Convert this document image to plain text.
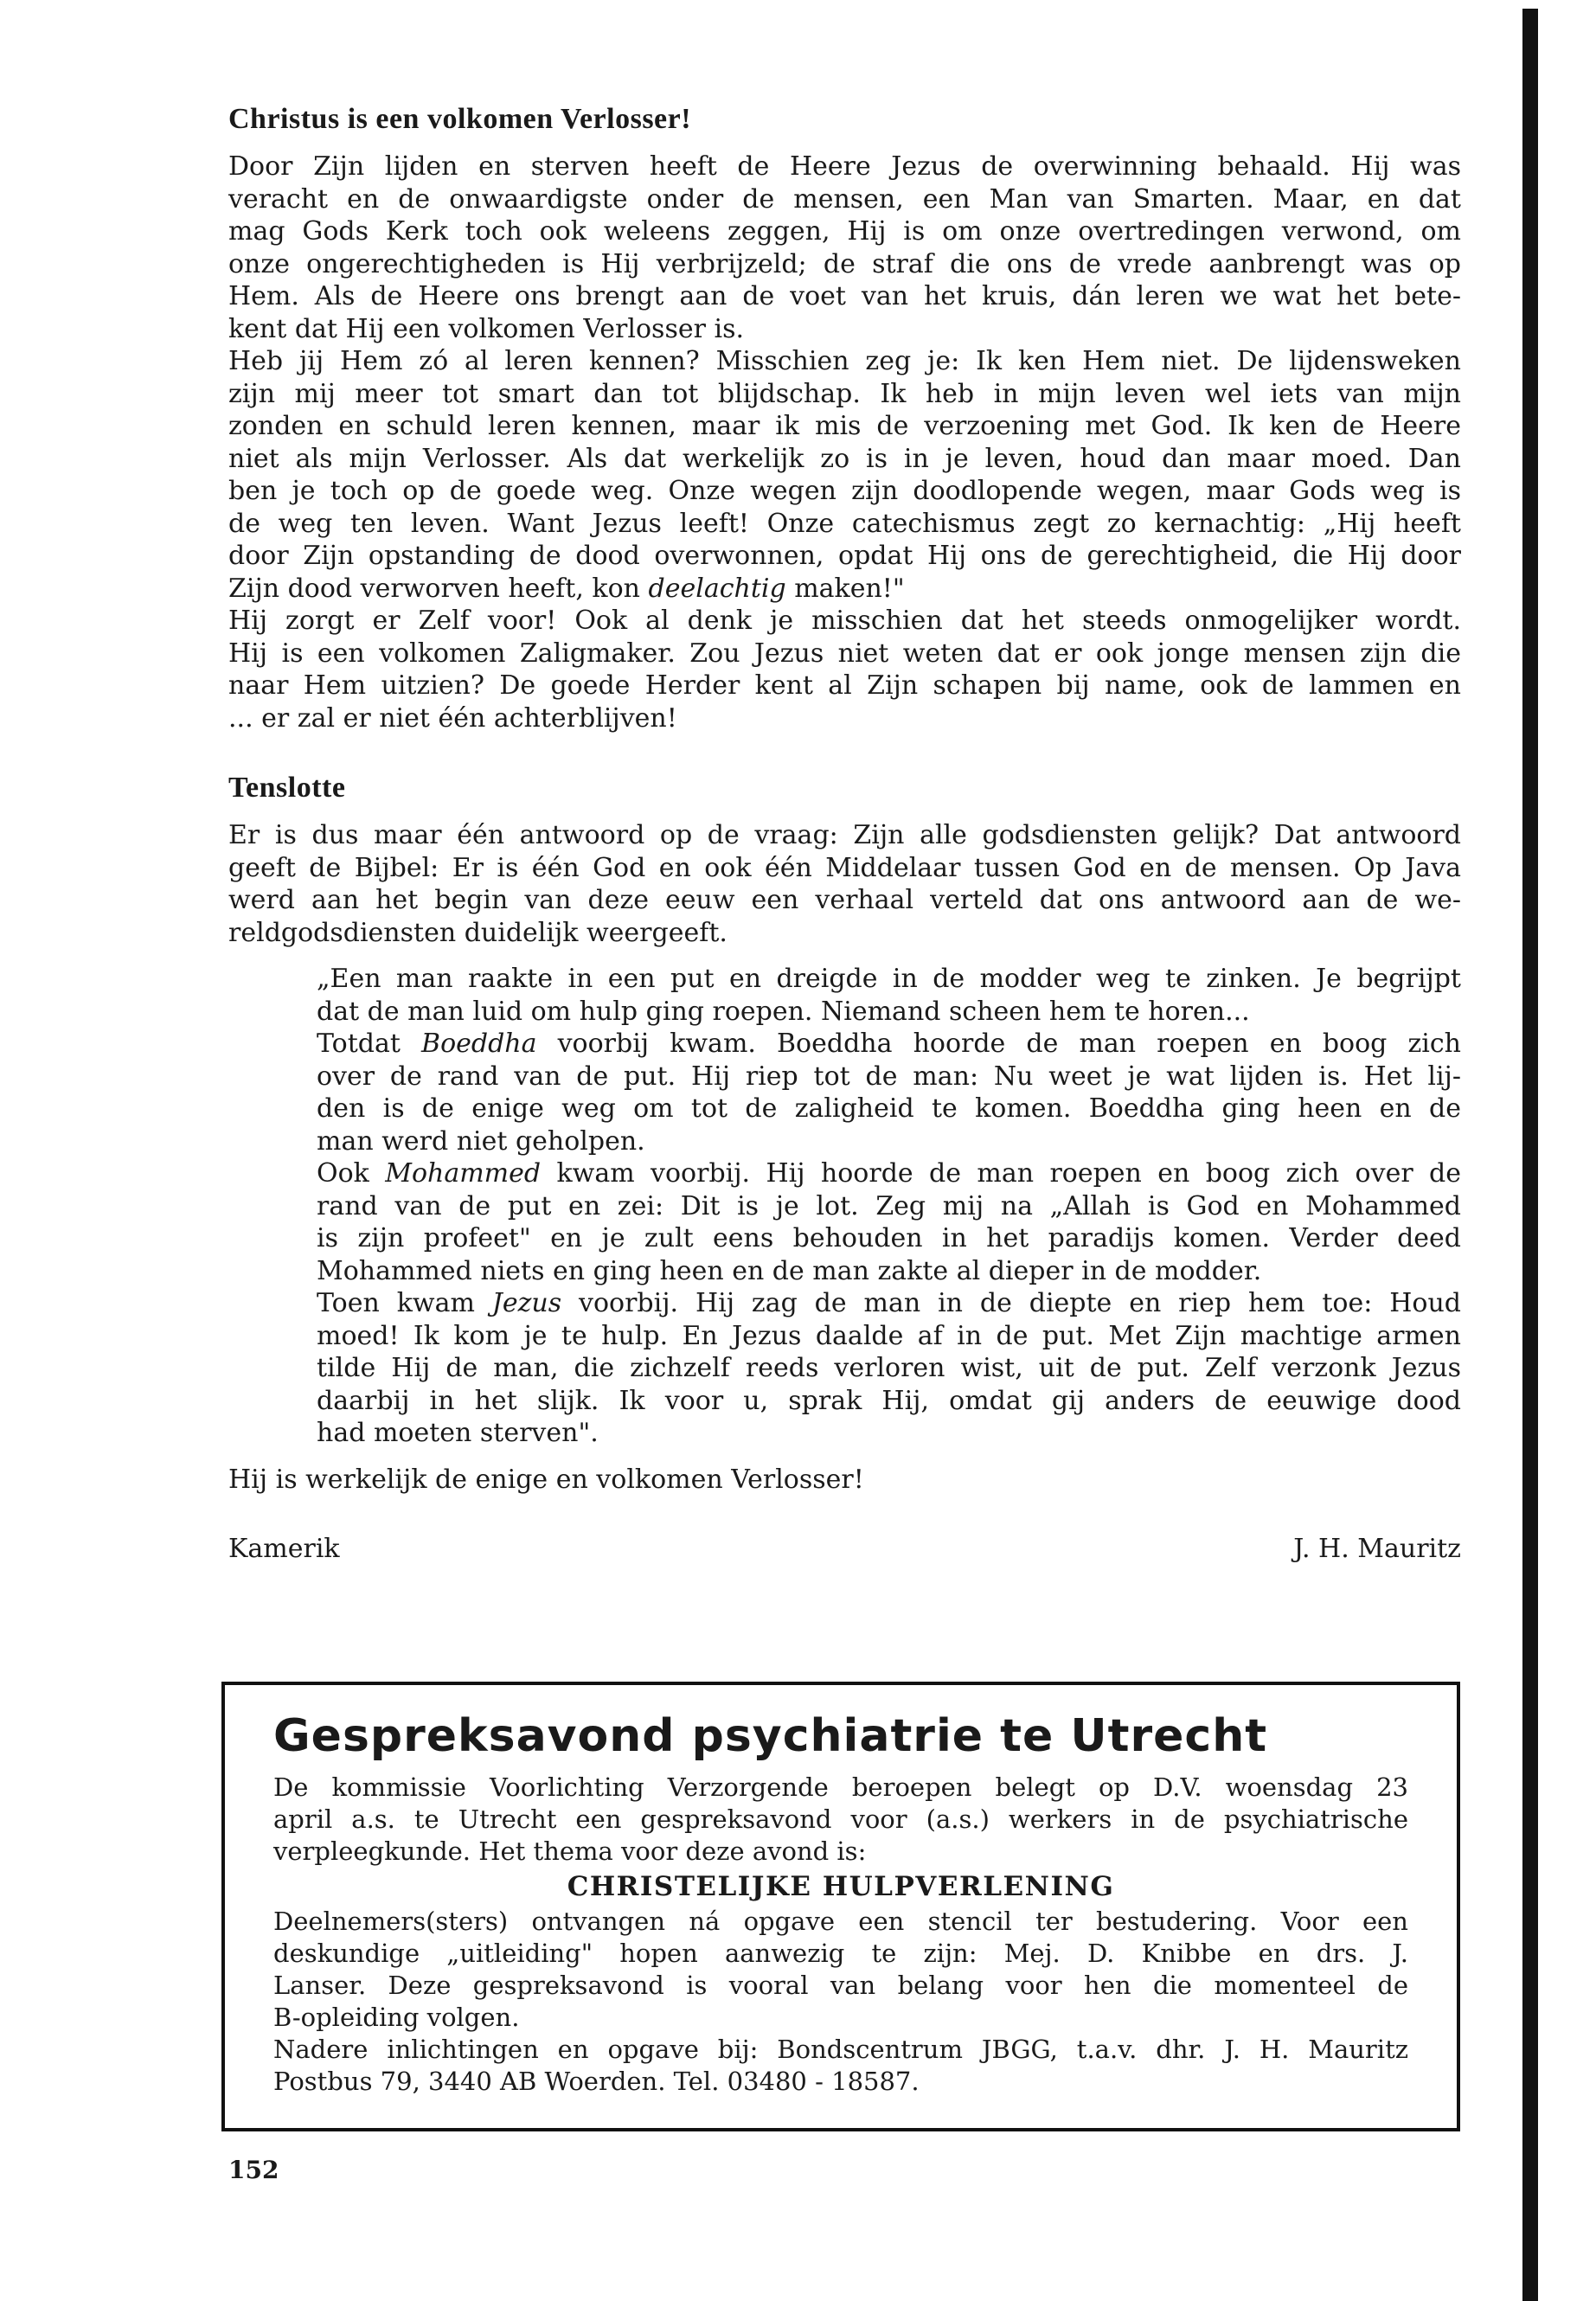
Christus is een volkomen Verlosser!

Door Zijn lijden en sterven heeft de Heere Jezus de overwinning behaald. Hij was
veracht en de onwaardigste onder de mensen, een Man van Smarten. Maar, en dat
mag Gods Kerk toch ook weleens zeggen, Hij is om onze overtredingen verwond, om
onze ongerechtigheden is Hij verbrijzeld; de straf die ons de vrede aanbrengt was op
Hem. Als de Heere ons brengt aan de voet van het kruis, dán leren we wat het bete-
kent dat Hij een volkomen Verlosser is.

Heb jij Hem zó al leren kennen? Misschien zeg je: Ik ken Hem niet. De lijdensweken
zijn mij meer tot smart dan tot blijdschap. Ik heb in mijn leven wel iets van mijn
zonden en schuld leren kennen, maar ik mis de verzoening met God. Ik ken de Heere
niet als mijn Verlosser. Als dat werkelijk zo is in je leven, houd dan maar moed. Dan
ben je toch op de goede weg. Onze wegen zijn doodlopende wegen, maar Gods weg is
de weg ten leven. Want Jezus leeft! Onze catechismus zegt zo kernachtig: „Hij heeft
door Zijn opstanding de dood overwonnen, opdat Hij ons de gerechtigheid, die Hij door
Zijn dood verworven heeft, kon deelachtig maken!"

Hij zorgt er Zelf voor! Ook al denk je misschien dat het steeds onmogelijker wordt.
Hij is een volkomen Zaligmaker. Zou Jezus niet weten dat er ook jonge mensen zijn die
naar Hem uitzien? De goede Herder kent al Zijn schapen bij name, ook de lammen en
... er zal er niet één achterblijven!

Tenslotte

Er is dus maar één antwoord op de vraag: Zijn alle godsdiensten gelijk? Dat antwoord
geeft de Bijbel: Er is één God en ook één Middelaar tussen God en de mensen. Op Java
werd aan het begin van deze eeuw een verhaal verteld dat ons antwoord aan de we-
reldgodsdiensten duidelijk weergeeft.

„Een man raakte in een put en dreigde in de modder weg te zinken. Je begrijpt
dat de man luid om hulp ging roepen. Niemand scheen hem te horen...

Totdat Boeddha voorbij kwam. Boeddha hoorde de man roepen en boog zich
over de rand van de put. Hij riep tot de man: Nu weet je wat lijden is. Het lij-
den is de enige weg om tot de zaligheid te komen. Boeddha ging heen en de
man werd niet geholpen.

Ook Mohammed kwam voorbij. Hij hoorde de man roepen en boog zich over de
rand van de put en zei: Dit is je lot. Zeg mij na „Allah is God en Mohammed
is zijn profeet" en je zult eens behouden in het paradijs komen. Verder deed
Mohammed niets en ging heen en de man zakte al dieper in de modder.

Toen kwam Jezus voorbij. Hij zag de man in de diepte en riep hem toe: Houd
moed! Ik kom je te hulp. En Jezus daalde af in de put. Met Zijn machtige armen
tilde Hij de man, die zichzelf reeds verloren wist, uit de put. Zelf verzonk Jezus
daarbij in het slijk. Ik voor u, sprak Hij, omdat gij anders de eeuwige dood
had moeten sterven".

Hij is werkelijk de enige en volkomen Verlosser!

Kamerik	J. H. Mauritz
Gespreksavond psychiatrie te Utrecht

De kommissie Voorlichting Verzorgende beroepen belegt op D.V. woensdag 23
april a.s. te Utrecht een gespreksavond voor (a.s.) werkers in de psychiatrische
verpleegkunde. Het thema voor deze avond is:

CHRISTELIJKE HULPVERLENING

Deelnemers(sters) ontvangen ná opgave een stencil ter bestudering. Voor een
deskundige „uitleiding" hopen aanwezig te zijn: Mej. D. Knibbe en drs. J.
Lanser. Deze gespreksavond is vooral van belang voor hen die momenteel de
B-opleiding volgen.
Nadere inlichtingen en opgave bij: Bondscentrum JBGG, t.a.v. dhr. J. H. Mauritz
Postbus 79, 3440 AB Woerden. Tel. 03480 - 18587.

152
